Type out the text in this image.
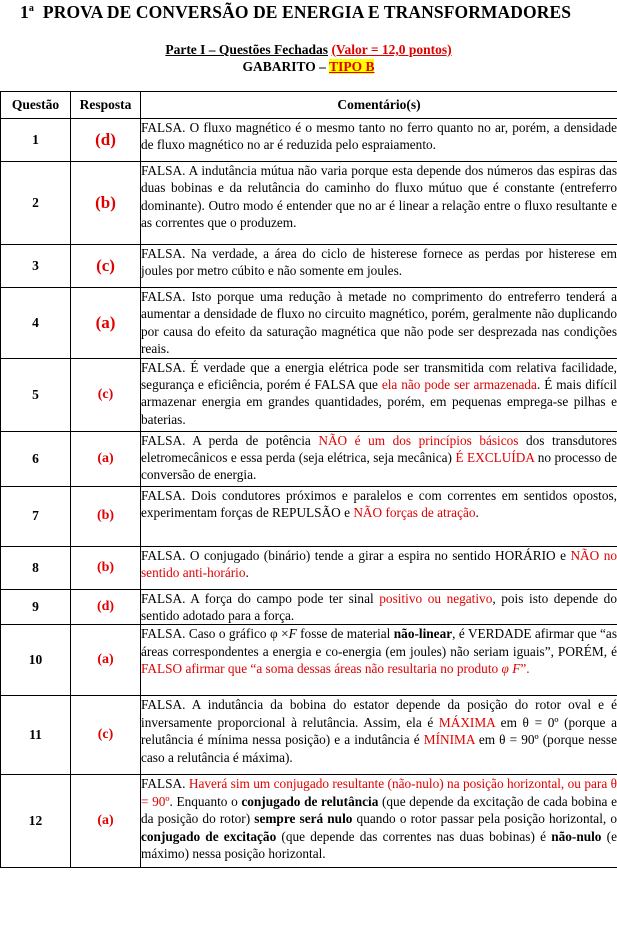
1$^a$ PROVA DE CONVERSÃO DE ENERGIA E TRANSFORMADORES
Parte I – Questões Fechadas (Valor = 12,0 pontos)
GABARITO – TIPO B
Questão	Resposta	Comentário(s)
1	(d)	FALSA. O fluxo magnético é o mesmo tanto no ferro quanto no ar, porém, a densidade de fluxo magnético no ar é reduzida pelo espraiamento.
2	(b)	FALSA. A indutância mútua não varia porque esta depende dos números das espiras das duas bobinas e da relutância do caminho do fluxo mútuo que é constante (entreferro dominante). Outro modo é entender que no ar é linear a relação entre o fluxo resultante e as correntes que o produzem.
3	(c)	FALSA. Na verdade, a área do ciclo de histerese fornece as perdas por histerese em joules por metro cúbito e não somente em joules.
4	(a)	FALSA. Isto porque uma redução à metade no comprimento do entreferro tenderá a aumentar a densidade de fluxo no circuito magnético, porém, geralmente não duplicando por causa do efeito da saturação magnética que não pode ser desprezada nas condições reais.
5	(c)	FALSA. É verdade que a energia elétrica pode ser transmitida com relativa facilidade, segurança e eficiência, porém é FALSA que ela não pode ser armazenada. É mais difícil armazenar energia em grandes quantidades, porém, em pequenas emprega-se pilhas e baterias.
6	(a)	FALSA. A perda de potência NÃO é um dos princípios básicos dos transdutores eletromecânicos e essa perda (seja elétrica, seja mecânica) É EXCLUÍDA no processo de conversão de energia.
7	(b)	FALSA. Dois condutores próximos e paralelos e com correntes em sentidos opostos, experimentam forças de REPULSÃO e NÃO forças de atração.
8	(b)	FALSA. O conjugado (binário) tende a girar a espira no sentido HORÁRIO e NÃO no sentido anti-horário.
9	(d)	FALSA. A força do campo pode ter sinal positivo ou negativo, pois isto depende do sentido adotado para a força.
10	(a)	FALSA. Caso o gráfico φ ×F fosse de material não-linear, é VERDADE afirmar que “as áreas correspondentes a energia e co-energia (em joules) não seriam iguais”, PORÉM, é FALSO afirmar que “a soma dessas áreas não resultaria no produto φ F”.
11	(c)	FALSA. A indutância da bobina do estator depende da posição do rotor oval e é inversamente proporcional à relutância. Assim, ela é MÁXIMA em θ = 0º (porque a relutância é mínima nessa posição) e a indutância é MÍNIMA em θ = 90º (porque nesse caso a relutância é máxima).
12	(a)	FALSA. Haverá sim um conjugado resultante (não-nulo) na posição horizontal, ou para θ = 90º. Enquanto o conjugado de relutância (que depende da excitação de cada bobina e da posição do rotor) sempre será nulo quando o rotor passar pela posição horizontal, o conjugado de excitação (que depende das correntes nas duas bobinas) é não-nulo (e máximo) nessa posição horizontal.
